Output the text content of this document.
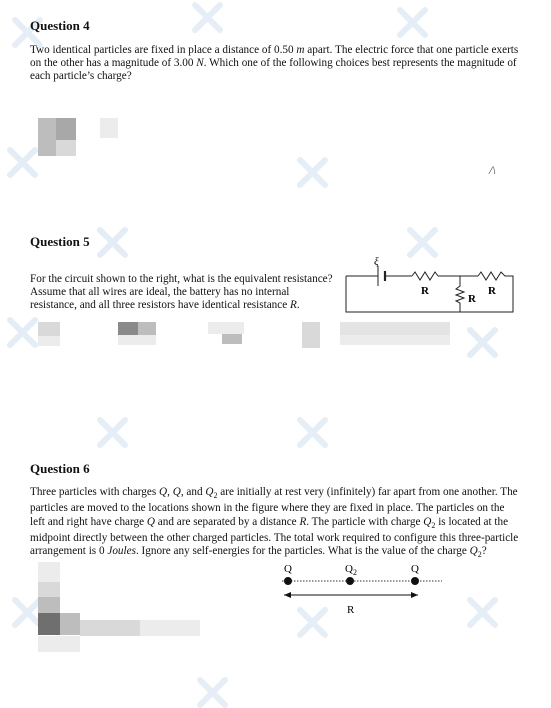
Question 4
Two identical particles are fixed in place a distance of 0.50 m apart. The electric force that one particle exerts on the other has a magnitude of 3.00 N. Which one of the following choices best represents the magnitude of each particle’s charge?
/\
Question 5
For the circuit shown to the right, what is the equivalent resistance?
Assume that all wires are ideal, the battery has no internal
resistance, and all three resistors have identical resistance R.
ξ
R
R
R
Question 6
Three particles with charges Q, Q, and $Q_2$ are initially at rest very (infinitely) far apart from one another. The particles are moved to the locations shown in the figure where they are fixed in place. The particles on the left and right have charge Q and are separated by a distance R. The particle with charge $Q_2$ is located at the midpoint directly between the other charged particles. The total work required to configure this three-particle arrangement is 0 Joules. Ignore any self-energies for the particles. What is the value of the charge $Q_2$?
Q	$Q_2$	Q
R
